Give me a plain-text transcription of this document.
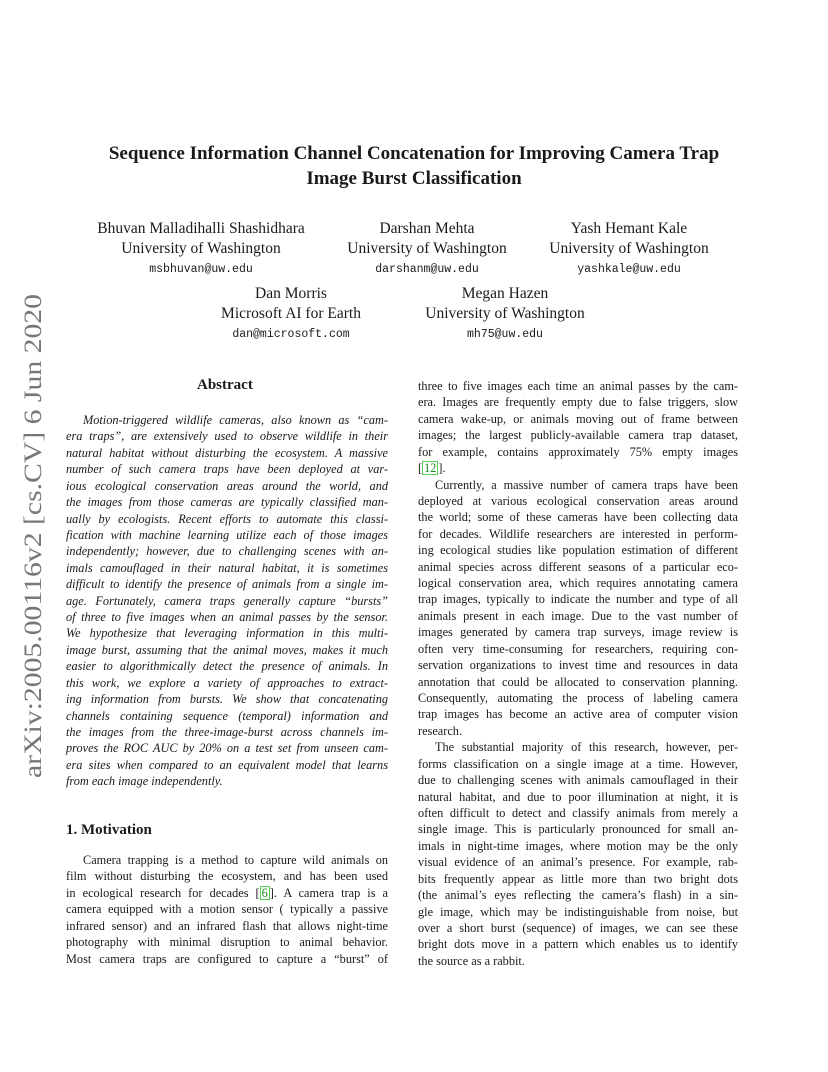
Sequence Information Channel Concatenation for Improving Camera Trap
Image Burst Classification
Bhuvan Malladihalli Shashidhara
University of Washington
msbhuvan@uw.edu
Darshan Mehta
University of Washington
darshanm@uw.edu
Yash Hemant Kale
University of Washington
yashkale@uw.edu
Dan Morris
Microsoft AI for Earth
dan@microsoft.com
Megan Hazen
University of Washington
mh75@uw.edu
arXiv:2005.00116v2 [cs.CV] 6 Jun 2020	Abstract
Motion-triggered wildlife cameras, also known as “cam-
era traps”, are extensively used to observe wildlife in their
natural habitat without disturbing the ecosystem. A massive
number of such camera traps have been deployed at var-
ious ecological conservation areas around the world, and
the images from those cameras are typically classified man-
ually by ecologists. Recent efforts to automate this classi-
fication with machine learning utilize each of those images
independently; however, due to challenging scenes with an-
imals camouflaged in their natural habitat, it is sometimes
difficult to identify the presence of animals from a single im-
age. Fortunately, camera traps generally capture “bursts”
of three to five images when an animal passes by the sensor.
We hypothesize that leveraging information in this multi-
image burst, assuming that the animal moves, makes it much
easier to algorithmically detect the presence of animals. In
this work, we explore a variety of approaches to extract-
ing information from bursts. We show that concatenating
channels containing sequence (temporal) information and
the images from the three-image-burst across channels im-
proves the ROC AUC by 20% on a test set from unseen cam-
era sites when compared to an equivalent model that learns
from each image independently.
1. Motivation
Camera trapping is a method to capture wild animals on
film without disturbing the ecosystem, and has been used
in ecological research for decades [ 6 ]. A camera trap is a
camera equipped with a motion sensor ( typically a passive
infrared sensor) and an infrared flash that allows night-time
photography with minimal disruption to animal behavior.
Most camera traps are configured to capture a “burst” of
three to five images each time an animal passes by the cam-
era. Images are frequently empty due to false triggers, slow
camera wake-up, or animals moving out of frame between
images; the largest publicly-available camera trap dataset,
for example, contains approximately 75% empty images
[ 12 ].
Currently, a massive number of camera traps have been
deployed at various ecological conservation areas around
the world; some of these cameras have been collecting data
for decades. Wildlife researchers are interested in perform-
ing ecological studies like population estimation of different
animal species across different seasons of a particular eco-
logical conservation area, which requires annotating camera
trap images, typically to indicate the number and type of all
animals present in each image. Due to the vast number of
images generated by camera trap surveys, image review is
often very time-consuming for researchers, requiring con-
servation organizations to invest time and resources in data
annotation that could be allocated to conservation planning.
Consequently, automating the process of labeling camera
trap images has become an active area of computer vision
research.
The substantial majority of this research, however, per-
forms classification on a single image at a time. However,
due to challenging scenes with animals camouflaged in their
natural habitat, and due to poor illumination at night, it is
often difficult to detect and classify animals from merely a
single image. This is particularly pronounced for small an-
imals in night-time images, where motion may be the only
visual evidence of an animal’s presence. For example, rab-
bits frequently appear as little more than two bright dots
(the animal’s eyes reflecting the camera’s flash) in a sin-
gle image, which may be indistinguishable from noise, but
over a short burst (sequence) of images, we can see these
bright dots move in a pattern which enables us to identify
the source as a rabbit.
